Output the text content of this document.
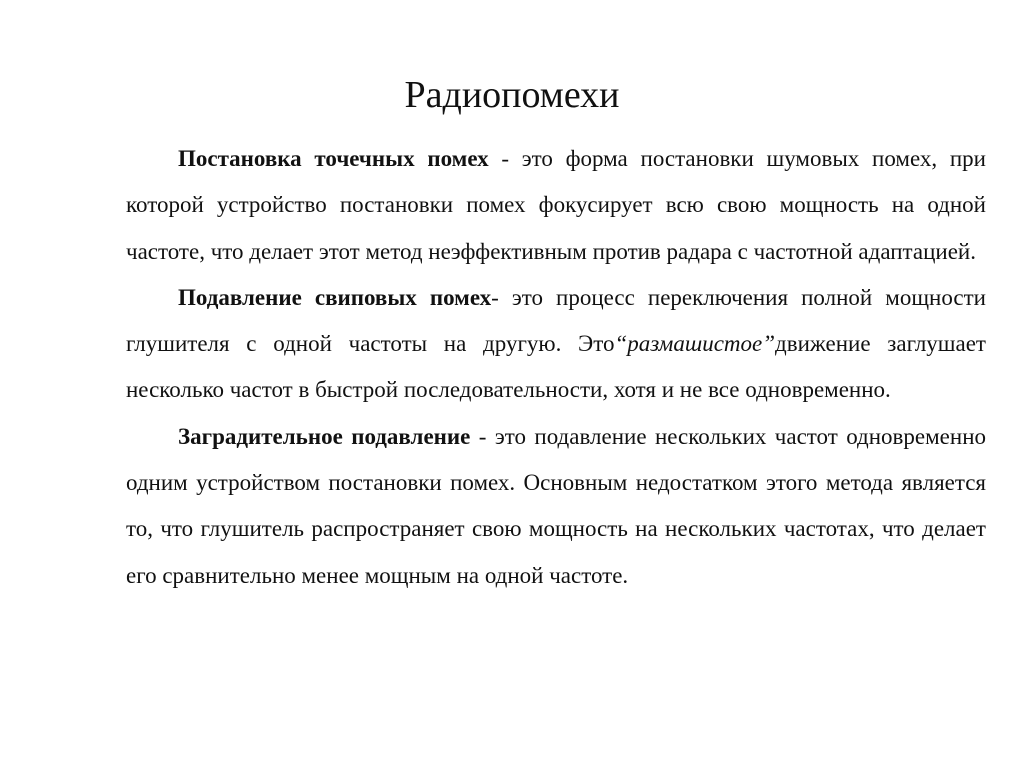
Радиопомехи

Постановка точечных помех - это форма постановки шумовых помех, при которой устройство постановки помех фокусирует всю свою мощность на одной частоте, что делает этот метод неэффективным против радара с частотной адаптацией.

Подавление свиповых помех- это процесс переключения полной мощности глушителя с одной частоты на другую. Это“размашистое”движение заглушает несколько частот в быстрой последовательности, хотя и не все одновременно.

Заградительное подавление - это подавление нескольких частот одновременно одним устройством постановки помех. Основным недостатком этого метода является то, что глушитель распространяет свою мощность на нескольких частотах, что делает его сравнительно менее мощным на одной частоте.
